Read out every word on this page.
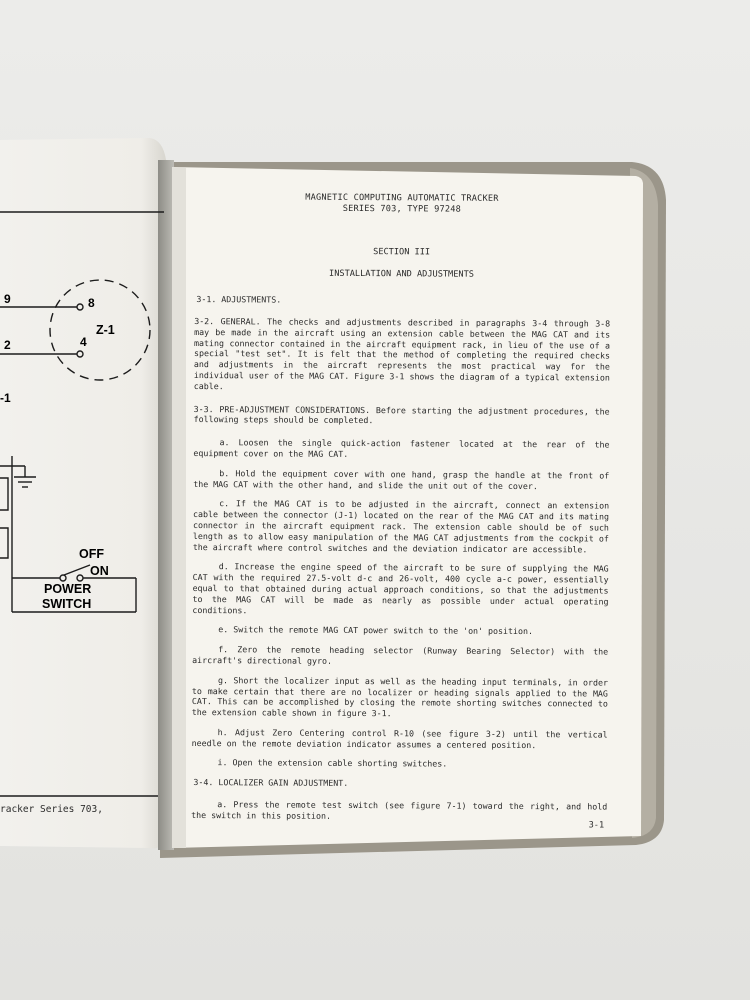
9	8
2	4
Z-1
-1
OFF
ON
POWER
SWITCH
racker Series 703,

MAGNETIC COMPUTING AUTOMATIC TRACKER

SERIES 703, TYPE 97248

SECTION III

INSTALLATION AND ADJUSTMENTS

3-1. ADJUSTMENTS.

3-2. GENERAL. The checks and adjustments described in paragraphs 3-4 through 3-8 may be made in the aircraft using an extension cable between the MAG CAT and its mating connector contained in the aircraft equipment rack, in lieu of the use of a special "test set". It is felt that the method of completing the required checks and adjustments in the aircraft represents the most practical way for the individual user of the MAG CAT. Figure 3-1 shows the diagram of a typical extension cable.

3-3. PRE-ADJUSTMENT CONSIDERATIONS. Before starting the adjustment procedures, the following steps should be completed.

a. Loosen the single quick-action fastener located at the rear of the equipment cover on the MAG CAT.

b. Hold the equipment cover with one hand, grasp the handle at the front of the MAG CAT with the other hand, and slide the unit out of the cover.

c. If the MAG CAT is to be adjusted in the aircraft, connect an extension cable between the connector (J-1) located on the rear of the MAG CAT and its mating connector in the aircraft equipment rack. The extension cable should be of such length as to allow easy manipulation of the MAG CAT adjustments from the cockpit of the aircraft where control switches and the deviation indicator are accessible.

d. Increase the engine speed of the aircraft to be sure of supplying the MAG CAT with the required 27.5-volt d-c and 26-volt, 400 cycle a-c power, essentially equal to that obtained during actual approach conditions, so that the adjustments to the MAG CAT will be made as nearly as possible under actual operating conditions.

e. Switch the remote MAG CAT power switch to the 'on' position.

f. Zero the remote heading selector (Runway Bearing Selector) with the aircraft's directional gyro.

g. Short the localizer input as well as the heading input terminals, in order to make certain that there are no localizer or heading signals applied to the MAG CAT. This can be accomplished by closing the remote shorting switches connected to the extension cable shown in figure 3-1.

h. Adjust Zero Centering control R-10 (see figure 3-2) until the vertical needle on the remote deviation indicator assumes a centered position.

i. Open the extension cable shorting switches.

3-4. LOCALIZER GAIN ADJUSTMENT.

a. Press the remote test switch (see figure 7-1) toward the right, and hold the switch in this position.

3-1
